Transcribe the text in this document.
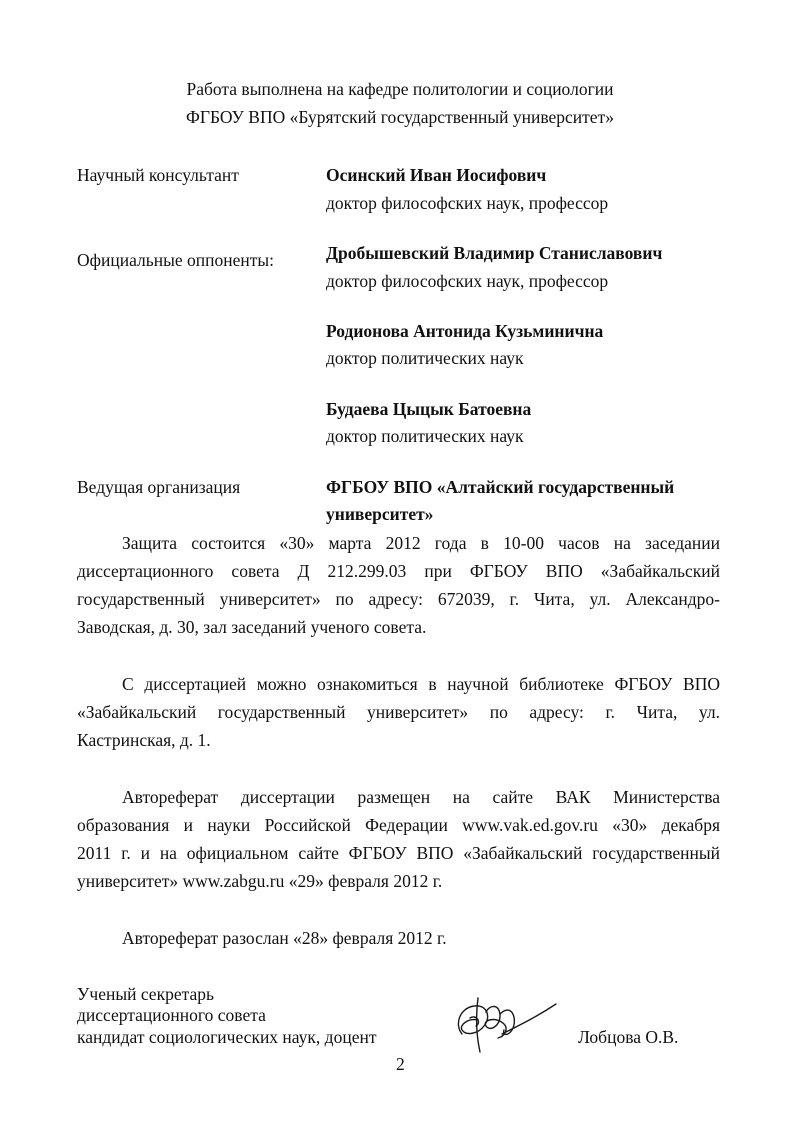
Работа выполнена на кафедре политологии и социологии
ФГБОУ ВПО «Бурятский государственный университет»
Научный консультант	Осинский Иван Иосифович
доктор философских наук, профессор
Официальные оппоненты:	Дробышевский Владимир Станиславович
доктор философских наук, профессор
Родионова Антонида Кузьминична
доктор политических наук
Будаева Цыцык Батоевна
доктор политических наук
Ведущая организация	ФГБОУ ВПО «Алтайский государственный
университет»
Защита состоится «30» марта 2012 года в 10-00 часов на заседании
диссертационного совета Д 212.299.03 при ФГБОУ ВПО «Забайкальский
государственный университет» по адресу: 672039, г. Чита, ул. Александро-
Заводская, д. 30, зал заседаний ученого совета.
С диссертацией можно ознакомиться в научной библиотеке ФГБОУ ВПО
«Забайкальский государственный университет» по адресу: г. Чита, ул.
Кастринская, д. 1.
Автореферат диссертации размещен на сайте ВАК Министерства
образования и науки Российской Федерации www.vak.ed.gov.ru «30» декабря
2011 г. и на официальном сайте ФГБОУ ВПО «Забайкальский государственный
университет» www.zabgu.ru «29» февраля 2012 г.
Автореферат разослан «28» февраля 2012 г.
Ученый секретарь
диссертационного совета
кандидат социологических наук, доцент	Лобцова О.В.
2
